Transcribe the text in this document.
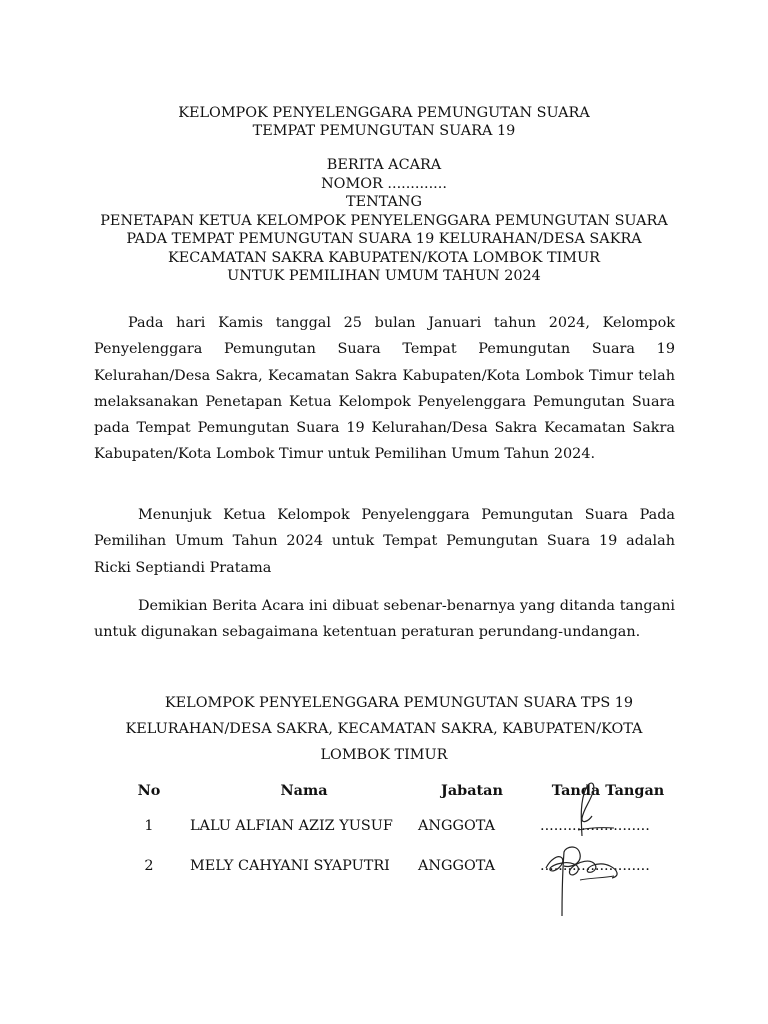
KELOMPOK PENYELENGGARA PEMUNGUTAN SUARA
TEMPAT PEMUNGUTAN SUARA 19
BERITA ACARA
NOMOR .............
TENTANG
PENETAPAN KETUA KELOMPOK PENYELENGGARA PEMUNGUTAN SUARA
PADA TEMPAT PEMUNGUTAN SUARA 19 KELURAHAN/DESA SAKRA
KECAMATAN SAKRA KABUPATEN/KOTA LOMBOK TIMUR
UNTUK PEMILIHAN UMUM TAHUN 2024

Pada hari Kamis tanggal 25 bulan Januari tahun 2024, Kelompok Penyelenggara Pemungutan Suara Tempat Pemungutan Suara 19 Kelurahan/Desa Sakra, Kecamatan Sakra Kabupaten/Kota Lombok Timur telah melaksanakan Penetapan Ketua Kelompok Penyelenggara Pemungutan Suara pada Tempat Pemungutan Suara 19 Kelurahan/Desa Sakra Kecamatan Sakra Kabupaten/Kota Lombok Timur untuk Pemilihan Umum Tahun 2024.

Menunjuk Ketua Kelompok Penyelenggara Pemungutan Suara Pada Pemilihan Umum Tahun 2024 untuk Tempat Pemungutan Suara 19 adalah Ricki Septiandi Pratama

Demikian Berita Acara ini dibuat sebenar-benarnya yang ditanda tangani untuk digunakan sebagaimana ketentuan peraturan perundang-undangan.

KELOMPOK PENYELENGGARA PEMUNGUTAN SUARA TPS 19
KELURAHAN/DESA SAKRA, KECAMATAN SAKRA, KABUPATEN/KOTA
LOMBOK TIMUR
No	Nama	Jabatan	Tanda Tangan
1	LALU ALFIAN AZIZ YUSUF	ANGGOTA	........................
2	MELY CAHYANI SYAPUTRI	ANGGOTA	........................
